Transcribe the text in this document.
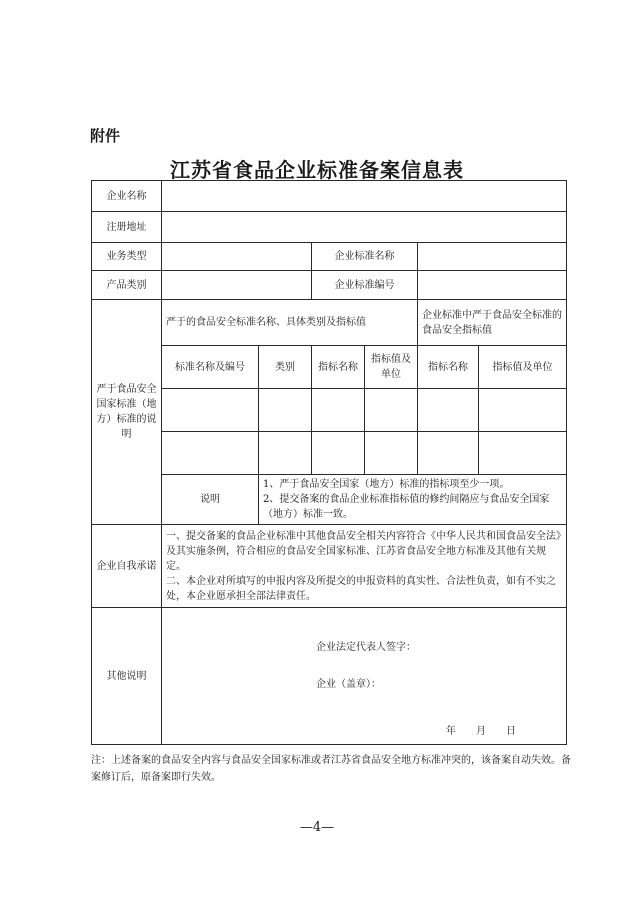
附件
江苏省食品企业标准备案信息表
企业名称						
注册地址						
业务类型			企业标准名称			
产品类别			企业标准编号			
严于食品安全国家标准（地方）标准的说明	严于的食品安全标准名称、具体类别及指标值				企业标准中严于食品安全标准的食品安全指标值	
	标准名称及编号	类别	指标名称	指标值及单位	指标名称	指标值及单位

	说明	1、严于食品安全国家（地方）标准的指标项至少一项。
2、提交备案的食品企业标准指标值的修约间隔应与食品安全国家（地方）标准一致。				

企业自我承诺	一、提交备案的食品企业标准中其他食品安全相关内容符合《中华人民共和国食品安全法》及其实施条例，符合相应的食品安全国家标准、江苏省食品安全地方标准及其他有关规定。
二、本企业对所填写的申报内容及所提交的申报资料的真实性、合法性负责，如有不实之处，本企业愿承担全部法律责任。					

其他说明	企业法定代表人签字：
企业（盖章）：
年　　月　　日					
注：上述备案的食品安全内容与食品安全国家标准或者江苏省食品安全地方标准冲突的，该备案自动失效。备案修订后，原备案即行失效。
—4—
